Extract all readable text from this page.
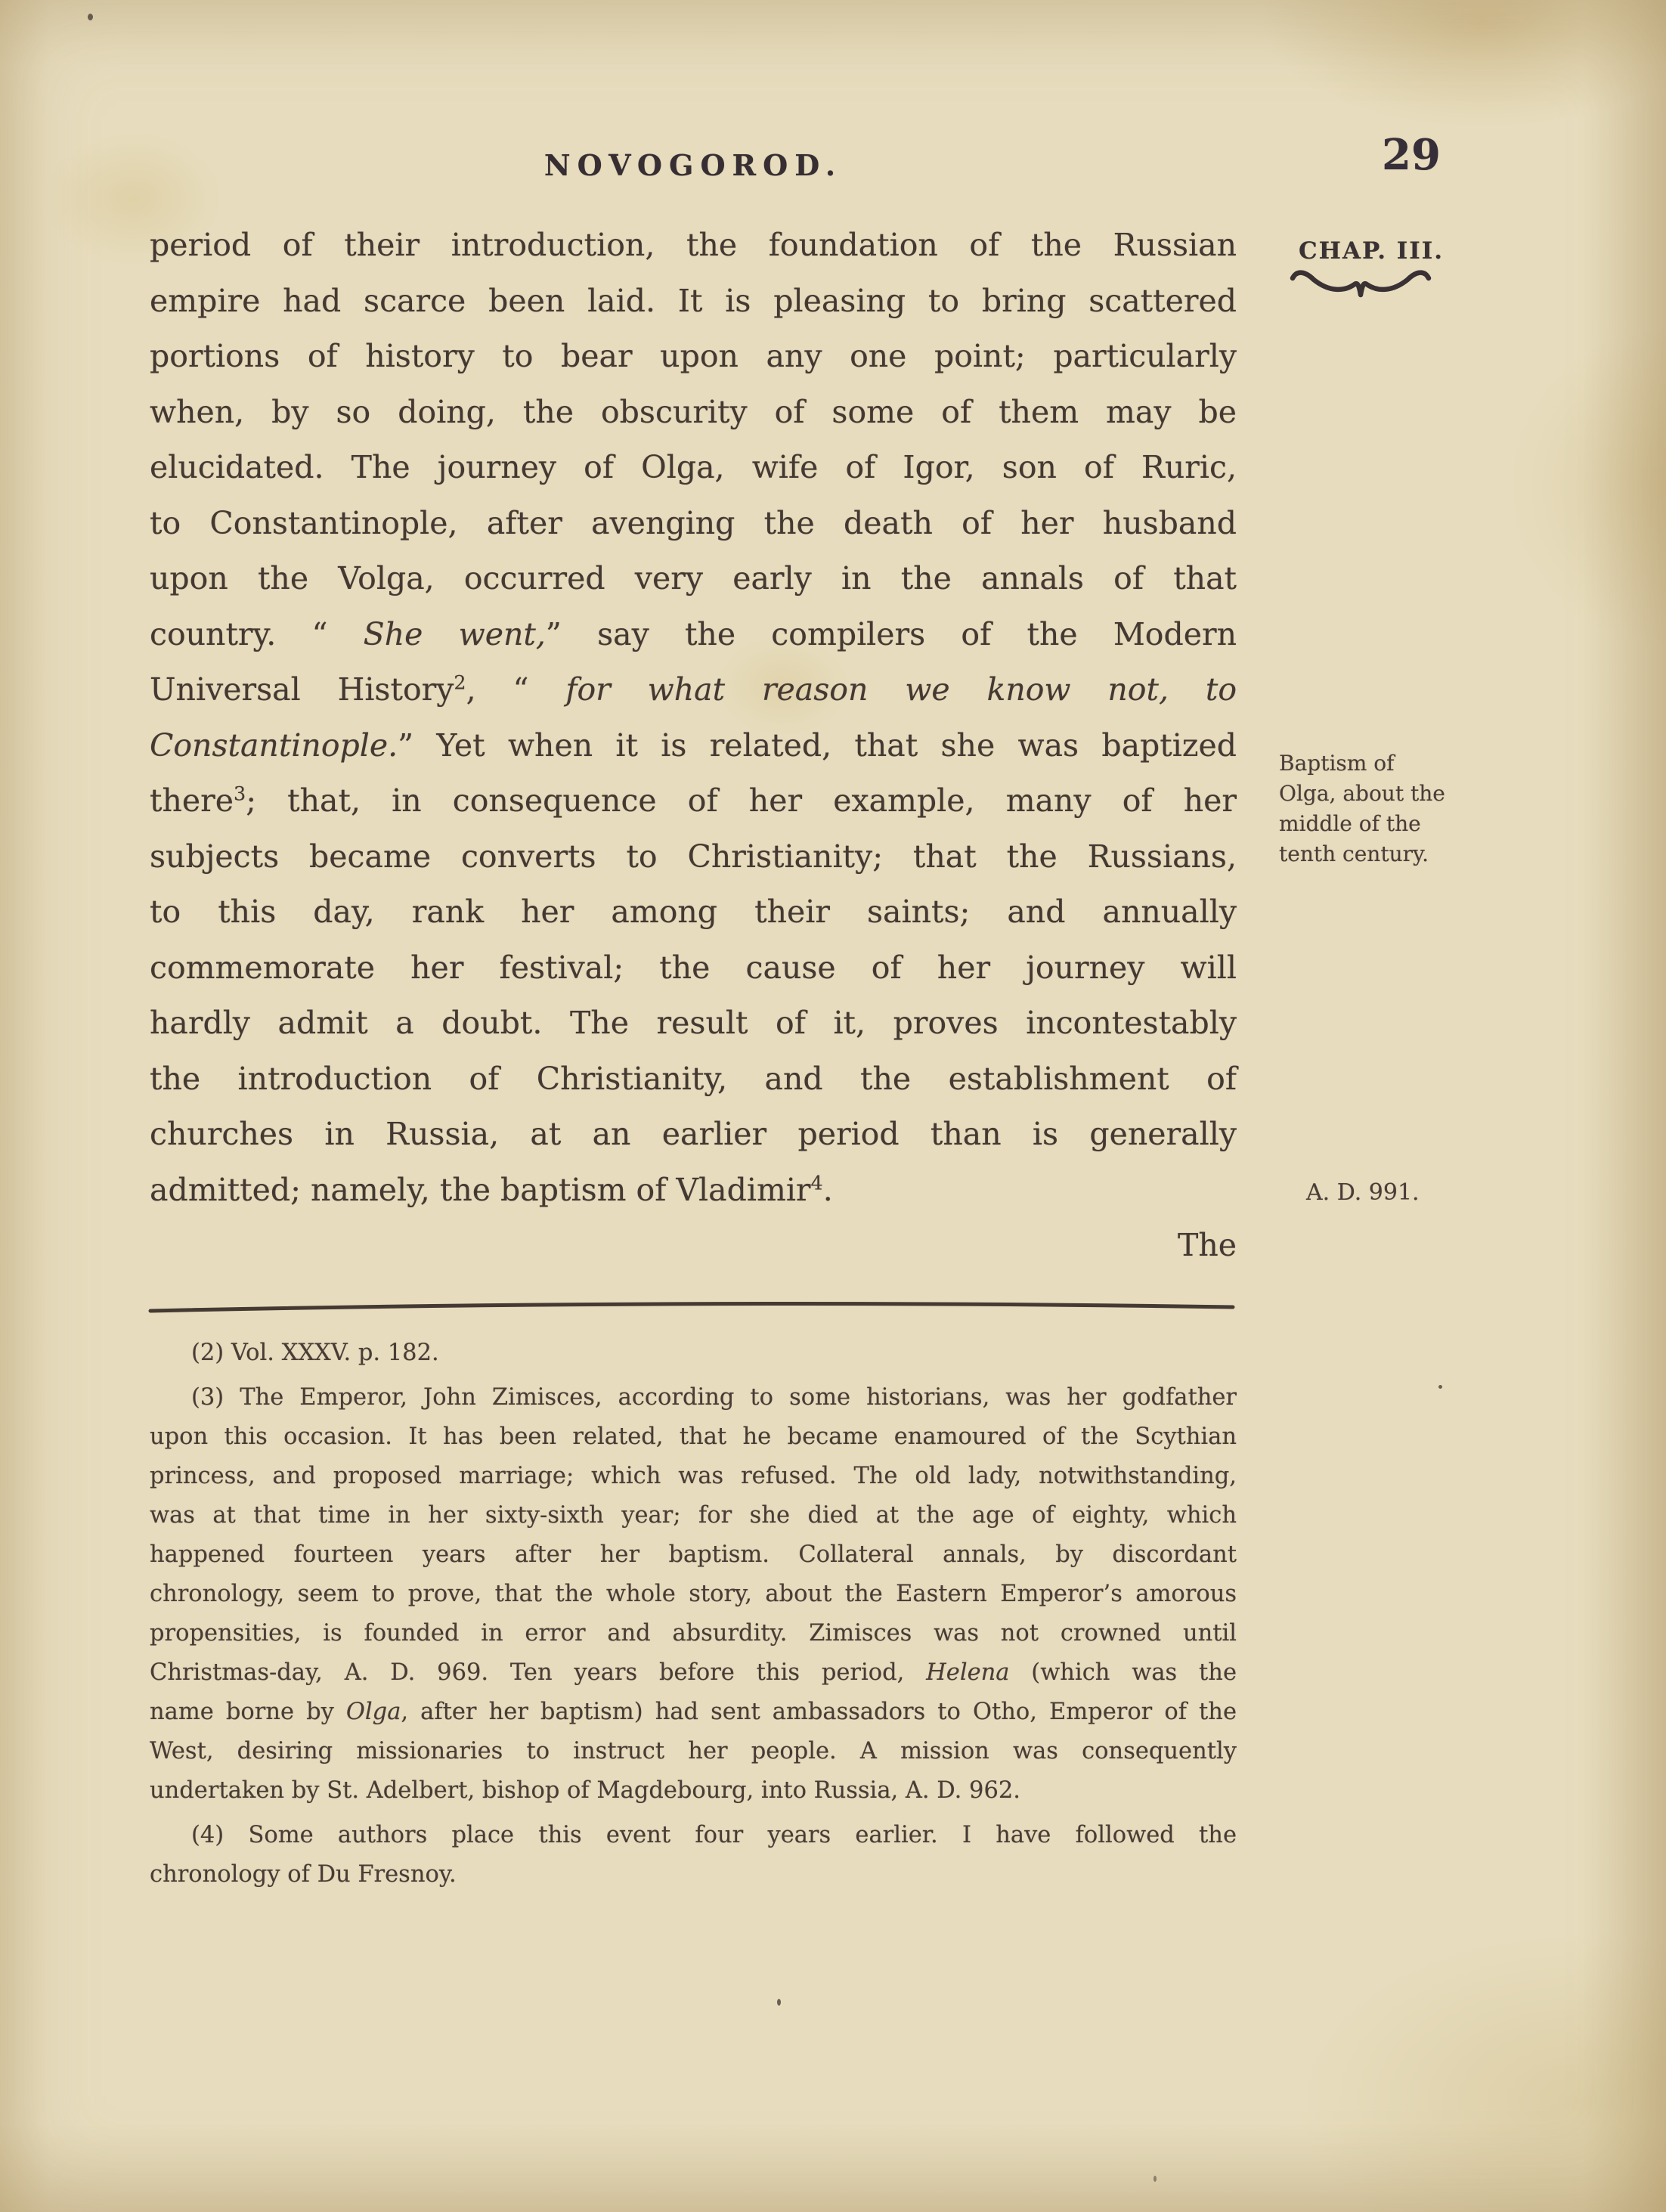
NOVOGOROD.	29
CHAP. III.
period of their introduction, the foundation of the Russian
empire had scarce been laid. It is pleasing to bring scattered
portions of history to bear upon any one point; particularly
when, by so doing, the obscurity of some of them may be
elucidated. The journey of Olga, wife of Igor, son of Ruric,
to Constantinople, after avenging the death of her husband
upon the Volga, occurred very early in the annals of that
country. “ She went,” say the compilers of the Modern
Universal History$^2$, “ for what reason we know not, to
Constantinople.” Yet when it is related, that she was baptized
there$^3$; that, in consequence of her example, many of her
subjects became converts to Christianity; that the Russians,
to this day, rank her among their saints; and annually
commemorate her festival; the cause of her journey will
hardly admit a doubt. The result of it, proves incontestably
the introduction of Christianity, and the establishment of
churches in Russia, at an earlier period than is generally
admitted; namely, the baptism of Vladimir$^4$.
The
Baptism of
Olga, about the
middle of the
tenth century.
A. D. 991.
(2) Vol. XXXV. p. 182.
(3) The Emperor, John Zimisces, according to some historians, was her godfather
upon this occasion. It has been related, that he became enamoured of the Scythian
princess, and proposed marriage; which was refused. The old lady, notwithstanding,
was at that time in her sixty-sixth year; for she died at the age of eighty, which
happened fourteen years after her baptism. Collateral annals, by discordant
chronology, seem to prove, that the whole story, about the Eastern Emperor’s amorous
propensities, is founded in error and absurdity. Zimisces was not crowned until
Christmas-day, A. D. 969. Ten years before this period, Helena (which was the
name borne by Olga, after her baptism) had sent ambassadors to Otho, Emperor of the
West, desiring missionaries to instruct her people. A mission was consequently
undertaken by St. Adelbert, bishop of Magdebourg, into Russia, A. D. 962.
(4) Some authors place this event four years earlier. I have followed the
chronology of Du Fresnoy.
